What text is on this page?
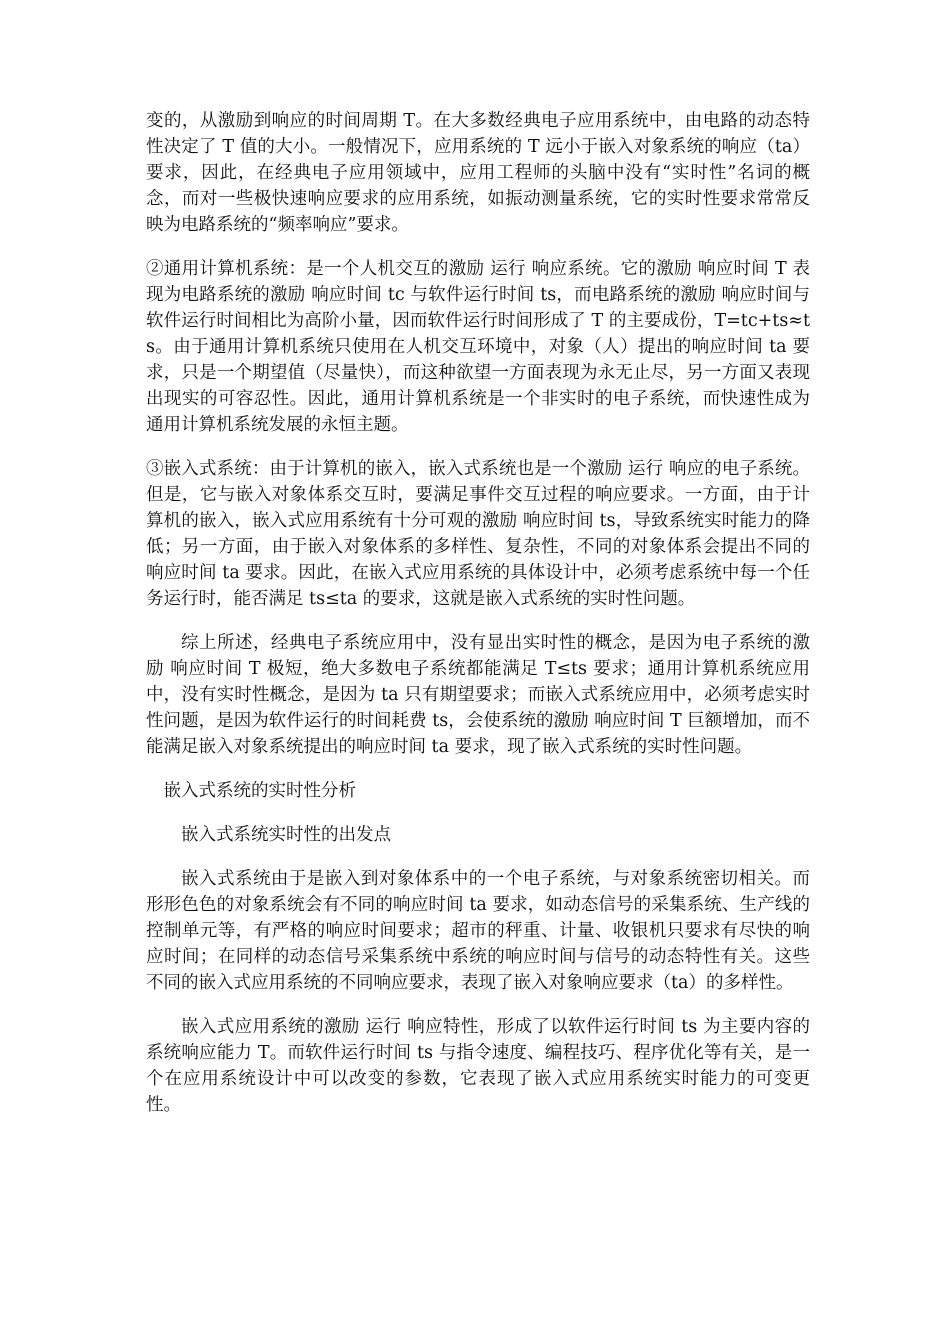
变的，从激励到响应的时间周期 T。在大多数经典电子应用系统中，由电路的动态特性决定了 T 值的大小。一般情况下，应用系统的 T 远小于嵌入对象系统的响应（ta）要求，因此，在经典电子应用领域中，应用工程师的头脑中没有“实时性”名词的概念，而对一些极快速响应要求的应用系统，如振动测量系统，它的实时性要求常常反映为电路系统的“频率响应”要求。

②通用计算机系统：是一个人机交互的激励 运行 响应系统。它的激励 响应时间 T 表现为电路系统的激励 响应时间 tc 与软件运行时间 ts，而电路系统的激励 响应时间与软件运行时间相比为高阶小量，因而软件运行时间形成了 T 的主要成份，T=tc+ts≈ts。由于通用计算机系统只使用在人机交互环境中，对象（人）提出的响应时间 ta 要求，只是一个期望值（尽量快），而这种欲望一方面表现为永无止尽，另一方面又表现出现实的可容忍性。因此，通用计算机系统是一个非实时的电子系统，而快速性成为通用计算机系统发展的永恒主题。

③嵌入式系统：由于计算机的嵌入，嵌入式系统也是一个激励 运行 响应的电子系统。但是，它与嵌入对象体系交互时，要满足事件交互过程的响应要求。一方面，由于计算机的嵌入，嵌入式应用系统有十分可观的激励 响应时间 ts，导致系统实时能力的降低；另一方面，由于嵌入对象体系的多样性、复杂性，不同的对象体系会提出不同的响应时间 ta 要求。因此，在嵌入式应用系统的具体设计中，必须考虑系统中每一个任务运行时，能否满足 ts≤ta 的要求，这就是嵌入式系统的实时性问题。

综上所述，经典电子系统应用中，没有显出实时性的概念，是因为电子系统的激励 响应时间 T 极短，绝大多数电子系统都能满足 T≤ts 要求；通用计算机系统应用中，没有实时性概念，是因为 ta 只有期望要求；而嵌入式系统应用中，必须考虑实时性问题，是因为软件运行的时间耗费 ts，会使系统的激励 响应时间 T 巨额增加，而不能满足嵌入对象系统提出的响应时间 ta 要求，现了嵌入式系统的实时性问题。

嵌入式系统的实时性分析
嵌入式系统实时性的出发点

嵌入式系统由于是嵌入到对象体系中的一个电子系统，与对象系统密切相关。而形形色色的对象系统会有不同的响应时间 ta 要求，如动态信号的采集系统、生产线的控制单元等，有严格的响应时间要求；超市的秤重、计量、收银机只要求有尽快的响应时间；在同样的动态信号采集系统中系统的响应时间与信号的动态特性有关。这些不同的嵌入式应用系统的不同响应要求，表现了嵌入对象响应要求（ta）的多样性。

嵌入式应用系统的激励 运行 响应特性，形成了以软件运行时间 ts 为主要内容的系统响应能力 T。而软件运行时间 ts 与指令速度、编程技巧、程序优化等有关，是一个在应用系统设计中可以改变的参数，它表现了嵌入式应用系统实时能力的可变更性。
